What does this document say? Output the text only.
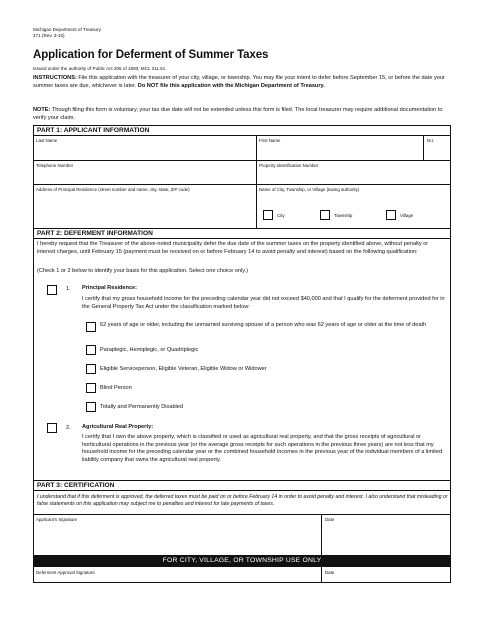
Michigan Department of Treasury
471 (Rev. 3-10)
Application for Deferment of Summer Taxes
Issued under the authority of Public Act 206 of 1893; MCL 211.51
INSTRUCTIONS: File this application with the treasurer of your city, village, or township. You may file your intent to defer before September 15, or before the date your summer taxes are due, whichever is later. Do NOT file this application with the Michigan Department of Treasury.
NOTE: Though filing this form is voluntary, your tax due date will not be extended unless this form is filed. The local treasurer may require additional documentation to verify your claim.
PART 1: APPLICANT INFORMATION
Last Name	First Name	M.I.
Telephone Number	Property Identification Number
Address of Principal Residence (street number and name, city, state, ZIP code)	Name of City, Township, or Village (taxing authority)
City	Township	Village
PART 2: DEFERMENT INFORMATION
I hereby request that the Treasurer of the above-noted municipality defer the due date of the summer taxes on the property identified above, without penalty or interest charges, until February 15 (payment must be received on or before February 14 to avoid penalty and interest) based on the following qualification:
(Check 1 or 2 below to identify your basis for this application. Select one choice only.)
1. Principal Residence:
I certify that my gross household income for the preceding calendar year did not exceed $40,000 and that I qualify for the deferment provided for in the General Property Tax Act under the classification marked below:
62 years of age or older, including the unmarried surviving spouse of a person who was 62 years of age or older at the time of death
Paraplegic, Hemiplegic, or Quadriplegic
Eligible Serviceperson, Eligible Veteran, Eligible Widow or Widower
Blind Person
Totally and Permanently Disabled
2. Agricultural Real Property:
I certify that I own the above property, which is classified or used as agricultural real property, and that the gross receipts of agricultural or horticultural operations in the previous year (or the average gross receipts for such operations in the previous three years) are not less that my household income for the preceding calendar year or the combined household incomes in the previous year of the individual members of a limited liability company that owns the agricultural real property.
PART 3: CERTIFICATION
I understand that if this deferment is approved, the deferred taxes must be paid on or before February 14 in order to avoid penalty and interest. I also understand that misleading or false statements on this application may subject me to penalties and interest for late payments of taxes.
Applicant's Signature	Date
FOR CITY, VILLAGE, OR TOWNSHIP USE ONLY
Deferment Approval Signature	Date
